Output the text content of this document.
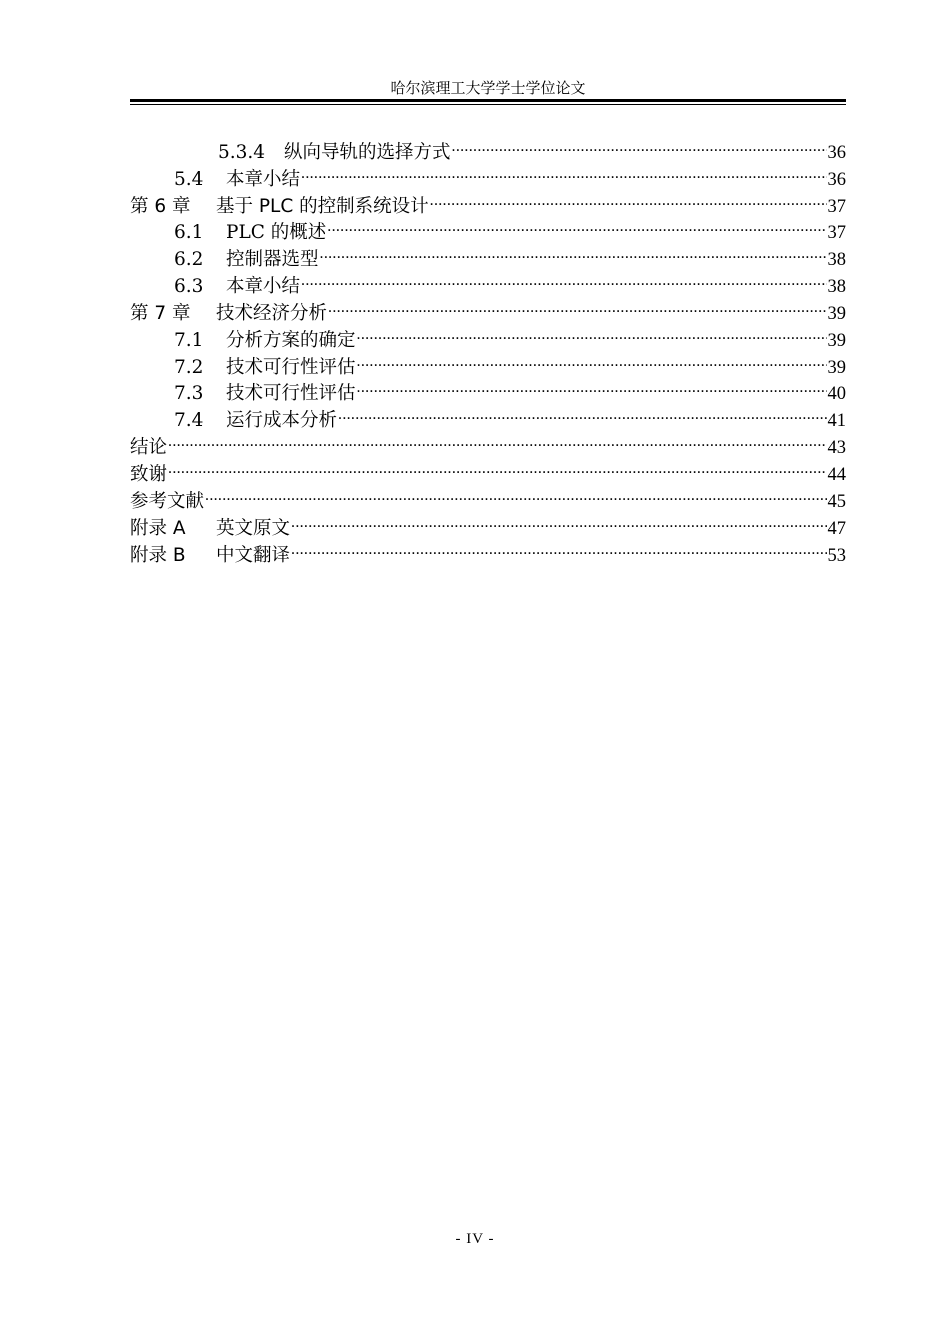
哈尔滨理工大学学士学位论文
5.3.4	纵向导轨的选择方式 .....	36
5.4	本章小结 .....	36
第 6 章	基于 PLC 的控制系统设计 .....	37
6.1	PLC 的概述 .....	37
6.2	控制器选型 .....	38
6.3	本章小结 .....	38
第 7 章	技术经济分析 .....	39
7.1	分析方案的确定 .....	39
7.2	技术可行性评估 .....	39
7.3	技术可行性评估 .....	40
7.4	运行成本分析 .....	41
结论 .....	43
致谢 .....	44
参考文献 .....	45
附录 A	英文原文 .....	47
附录 B	中文翻译 .....	53
- IV -
